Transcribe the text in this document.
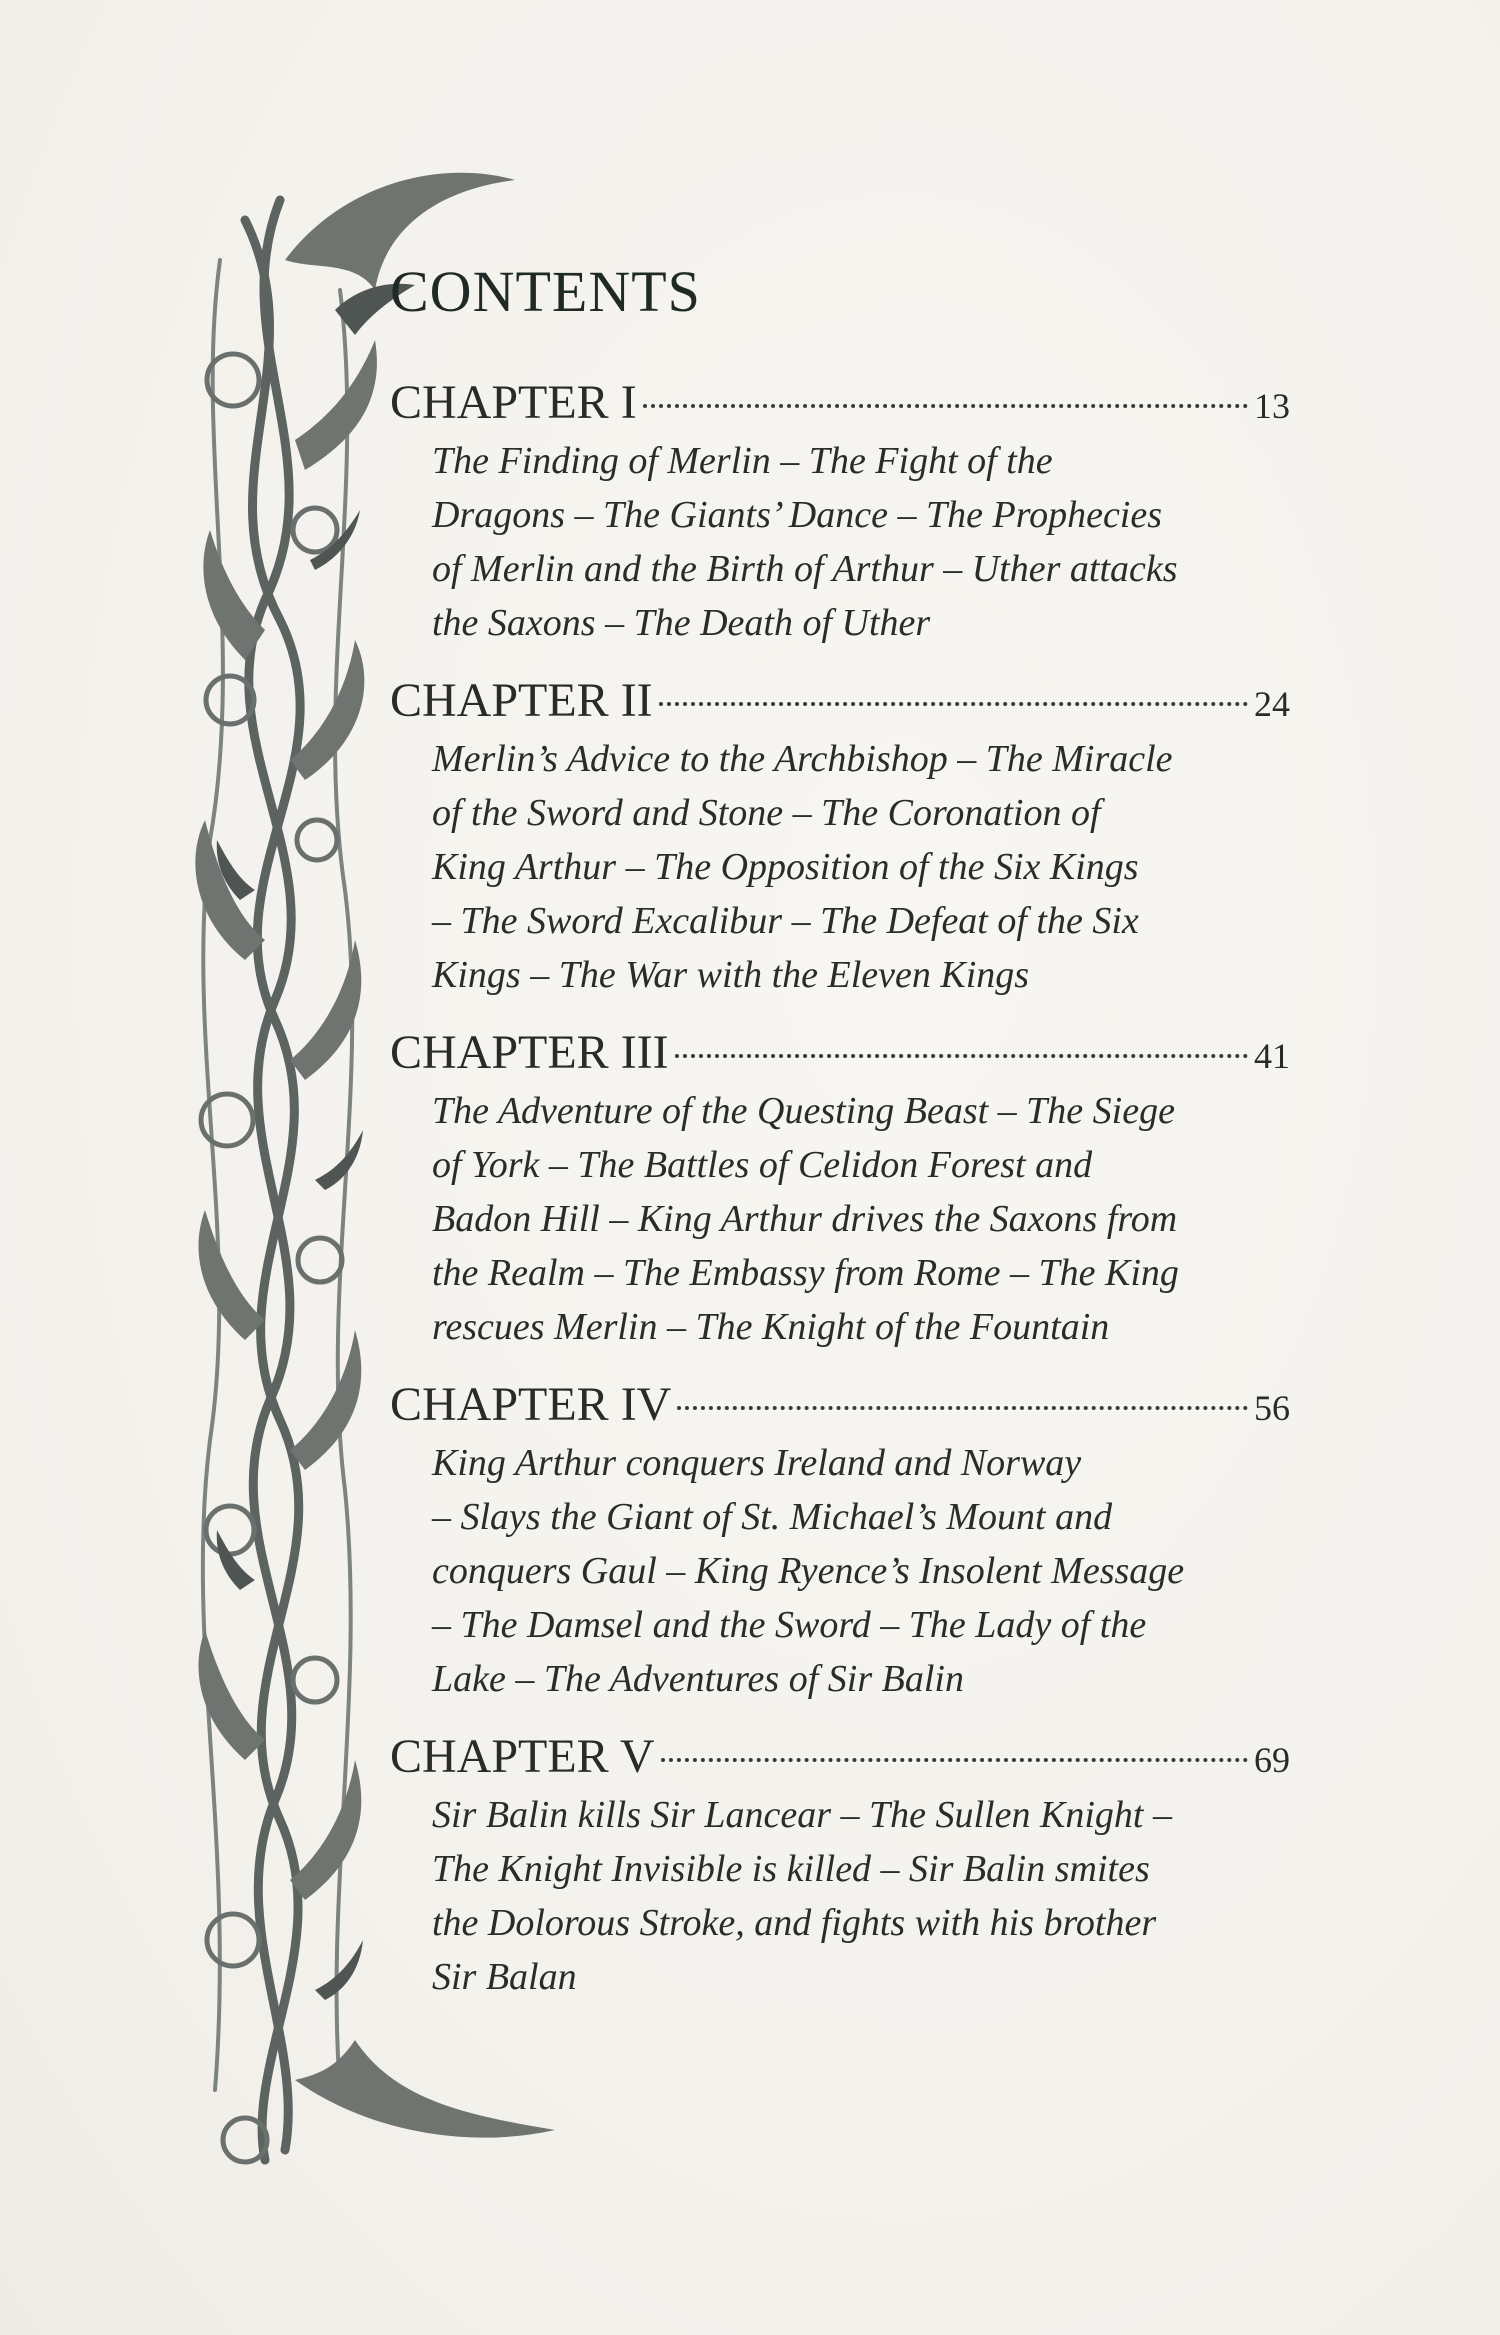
CONTENTS
CHAPTER I	13
The Finding of Merlin – The Fight of the
Dragons – The Giants’ Dance – The Prophecies
of Merlin and the Birth of Arthur – Uther attacks
the Saxons – The Death of Uther
CHAPTER II	24
Merlin’s Advice to the Archbishop – The Miracle
of the Sword and Stone – The Coronation of
King Arthur – The Opposition of the Six Kings
– The Sword Excalibur – The Defeat of the Six
Kings – The War with the Eleven Kings
CHAPTER III	41
The Adventure of the Questing Beast – The Siege
of York – The Battles of Celidon Forest and
Badon Hill – King Arthur drives the Saxons from
the Realm – The Embassy from Rome – The King
rescues Merlin – The Knight of the Fountain
CHAPTER IV	56
King Arthur conquers Ireland and Norway
– Slays the Giant of St. Michael’s Mount and
conquers Gaul – King Ryence’s Insolent Message
– The Damsel and the Sword – The Lady of the
Lake – The Adventures of Sir Balin
CHAPTER V	69
Sir Balin kills Sir Lancear – The Sullen Knight –
The Knight Invisible is killed – Sir Balin smites
the Dolorous Stroke, and fights with his brother
Sir Balan
